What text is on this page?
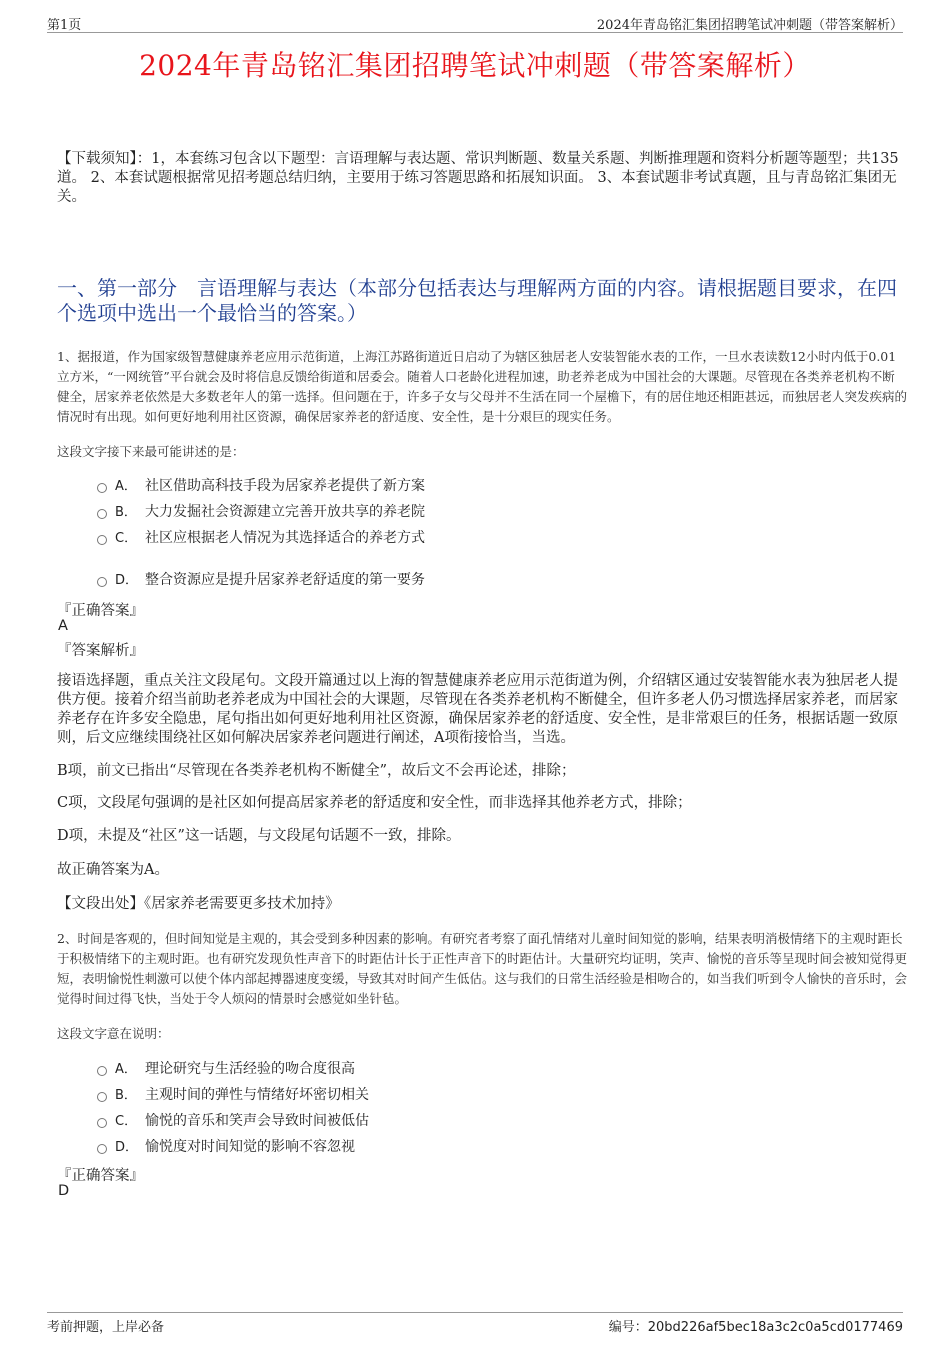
第1页	2024年青岛铭汇集团招聘笔试冲刺题（带答案解析）
2024年青岛铭汇集团招聘笔试冲刺题（带答案解析）
【下载须知】：1，本套练习包含以下题型：言语理解与表达题、常识判断题、数量关系题、判断推理题和资料分析题等题型；共135道。 2、本套试题根据常见招考题总结归纳，主要用于练习答题思路和拓展知识面。 3、本套试题非考试真题，且与青岛铭汇集团无关。
一、第一部分　言语理解与表达（本部分包括表达与理解两方面的内容。请根据题目要求，在四个选项中选出一个最恰当的答案。）
1、据报道，作为国家级智慧健康养老应用示范街道，上海江苏路街道近日启动了为辖区独居老人安装智能水表的工作，一旦水表读数12小时内低于0.01立方米，“一网统管”平台就会及时将信息反馈给街道和居委会。随着人口老龄化进程加速，助老养老成为中国社会的大课题。尽管现在各类养老机构不断健全，居家养老依然是大多数老年人的第一选择。但问题在于，许多子女与父母并不生活在同一个屋檐下，有的居住地还相距甚远，而独居老人突发疾病的情况时有出现。如何更好地利用社区资源，确保居家养老的舒适度、安全性，是十分艰巨的现实任务。
这段文字接下来最可能讲述的是：
A． 社区借助高科技手段为居家养老提供了新方案
B． 大力发掘社会资源建立完善开放共享的养老院
C． 社区应根据老人情况为其选择适合的养老方式
D． 整合资源应是提升居家养老舒适度的第一要务
『正确答案』
A
『答案解析』
接语选择题，重点关注文段尾句。文段开篇通过以上海的智慧健康养老应用示范街道为例，介绍辖区通过安装智能水表为独居老人提供方便。接着介绍当前助老养老成为中国社会的大课题，尽管现在各类养老机构不断健全，但许多老人仍习惯选择居家养老，而居家养老存在许多安全隐患，尾句指出如何更好地利用社区资源，确保居家养老的舒适度、安全性，是非常艰巨的任务，根据话题一致原则，后文应继续围绕社区如何解决居家养老问题进行阐述，A项衔接恰当，当选。
B项，前文已指出“尽管现在各类养老机构不断健全”，故后文不会再论述，排除；
C项，文段尾句强调的是社区如何提高居家养老的舒适度和安全性，而非选择其他养老方式，排除；
D项，未提及“社区”这一话题，与文段尾句话题不一致，排除。
故正确答案为A。
【文段出处】《居家养老需要更多技术加持》
2、时间是客观的，但时间知觉是主观的，其会受到多种因素的影响。有研究者考察了面孔情绪对儿童时间知觉的影响，结果表明消极情绪下的主观时距长于积极情绪下的主观时距。也有研究发现负性声音下的时距估计长于正性声音下的时距估计。大量研究均证明，笑声、愉悦的音乐等呈现时间会被知觉得更短，表明愉悦性刺激可以使个体内部起搏器速度变缓，导致其对时间产生低估。这与我们的日常生活经验是相吻合的，如当我们听到令人愉快的音乐时，会觉得时间过得飞快，当处于令人烦闷的情景时会感觉如坐针毡。
这段文字意在说明：
A． 理论研究与生活经验的吻合度很高
B． 主观时间的弹性与情绪好坏密切相关
C． 愉悦的音乐和笑声会导致时间被低估
D． 愉悦度对时间知觉的影响不容忽视
『正确答案』
D
考前押题，上岸必备	编号：20bd226af5bec18a3c2c0a5cd0177469
